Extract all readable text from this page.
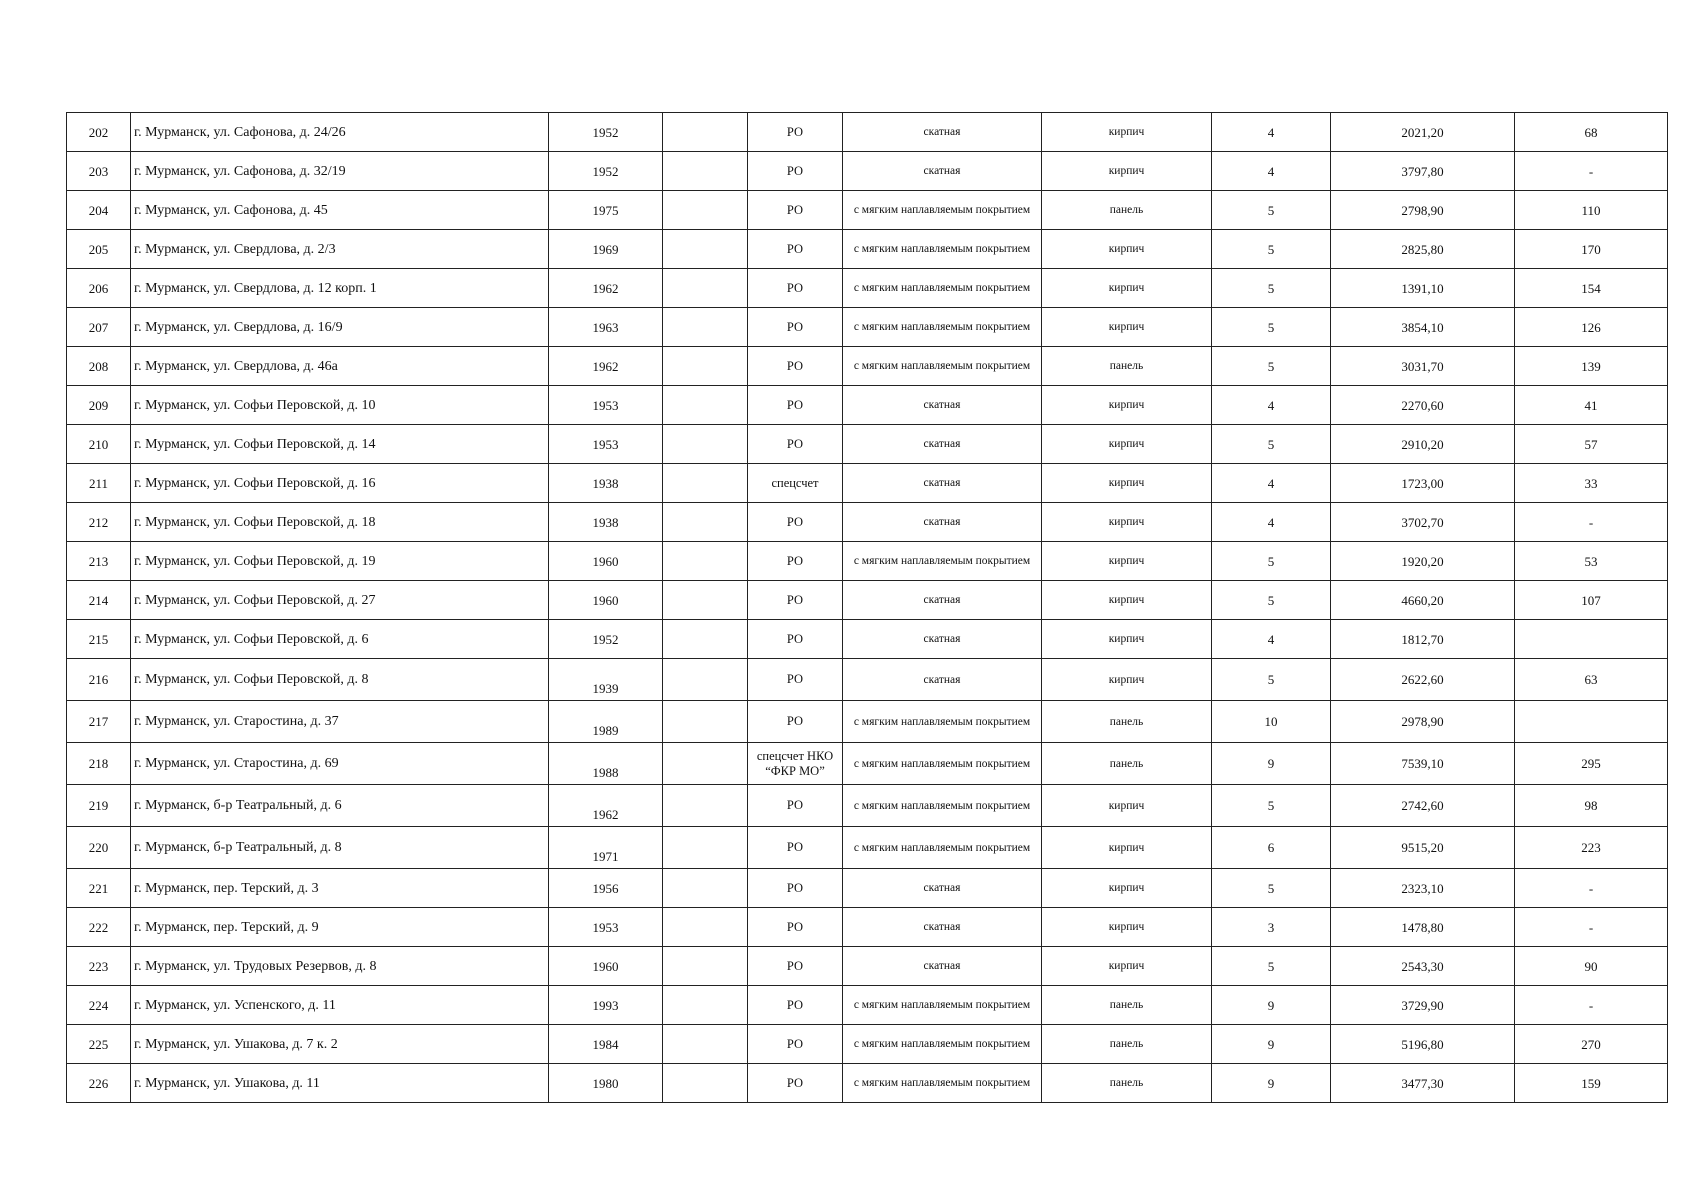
202	г. Мурманск, ул. Сафонова, д. 24/26	1952		РО	скатная	кирпич	4	2021,20	68
203	г. Мурманск, ул. Сафонова, д. 32/19	1952		РО	скатная	кирпич	4	3797,80	-
204	г. Мурманск, ул. Сафонова, д. 45	1975		РО	с мягким наплавляемым покрытием	панель	5	2798,90	110
205	г. Мурманск, ул. Свердлова, д. 2/3	1969		РО	с мягким наплавляемым покрытием	кирпич	5	2825,80	170
206	г. Мурманск, ул. Свердлова, д. 12 корп. 1	1962		РО	с мягким наплавляемым покрытием	кирпич	5	1391,10	154
207	г. Мурманск, ул. Свердлова, д. 16/9	1963		РО	с мягким наплавляемым покрытием	кирпич	5	3854,10	126
208	г. Мурманск, ул. Свердлова, д. 46а	1962		РО	с мягким наплавляемым покрытием	панель	5	3031,70	139
209	г. Мурманск, ул. Софьи Перовской, д. 10	1953		РО	скатная	кирпич	4	2270,60	41
210	г. Мурманск, ул. Софьи Перовской, д. 14	1953		РО	скатная	кирпич	5	2910,20	57
211	г. Мурманск, ул. Софьи Перовской, д. 16	1938		спецсчет	скатная	кирпич	4	1723,00	33
212	г. Мурманск, ул. Софьи Перовской, д. 18	1938		РО	скатная	кирпич	4	3702,70	-
213	г. Мурманск, ул. Софьи Перовской, д. 19	1960		РО	с мягким наплавляемым покрытием	кирпич	5	1920,20	53
214	г. Мурманск, ул. Софьи Перовской, д. 27	1960		РО	скатная	кирпич	5	4660,20	107
215	г. Мурманск, ул. Софьи Перовской, д. 6	1952		РО	скатная	кирпич	4	1812,70	
216	г. Мурманск, ул. Софьи Перовской, д. 8	1939		РО	скатная	кирпич	5	2622,60	63
217	г. Мурманск, ул. Старостина, д. 37	1989		РО	с мягким наплавляемым покрытием	панель	10	2978,90	
218	г. Мурманск, ул. Старостина, д. 69	1988		спецсчет НКО “ФКР МО”	с мягким наплавляемым покрытием	панель	9	7539,10	295
219	г. Мурманск, б-р Театральный, д. 6	1962		РО	с мягким наплавляемым покрытием	кирпич	5	2742,60	98
220	г. Мурманск, б-р Театральный, д. 8	1971		РО	с мягким наплавляемым покрытием	кирпич	6	9515,20	223
221	г. Мурманск, пер. Терский, д. 3	1956		РО	скатная	кирпич	5	2323,10	-
222	г. Мурманск, пер. Терский, д. 9	1953		РО	скатная	кирпич	3	1478,80	-
223	г. Мурманск, ул. Трудовых Резервов, д. 8	1960		РО	скатная	кирпич	5	2543,30	90
224	г. Мурманск, ул. Успенского, д. 11	1993		РО	с мягким наплавляемым покрытием	панель	9	3729,90	-
225	г. Мурманск, ул. Ушакова, д. 7 к. 2	1984		РО	с мягким наплавляемым покрытием	панель	9	5196,80	270
226	г. Мурманск, ул. Ушакова, д. 11	1980		РО	с мягким наплавляемым покрытием	панель	9	3477,30	159
